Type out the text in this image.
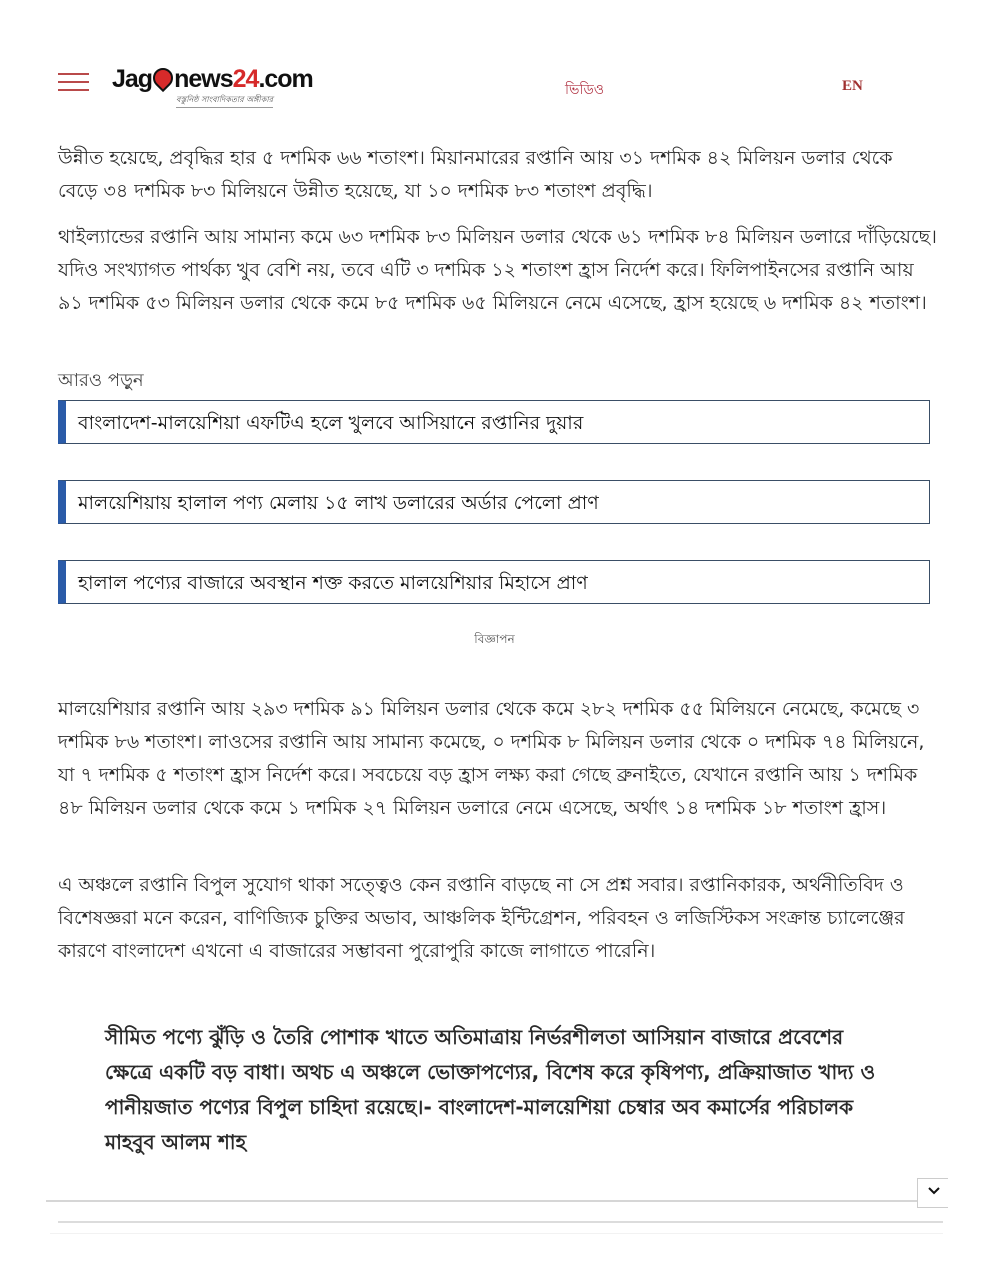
Jag news24.com
বস্তুনিষ্ঠ সাংবাদিকতার অঙ্গীকার
ভিডিও	EN

উন্নীত হয়েছে, প্রবৃদ্ধির হার ৫ দশমিক ৬৬ শতাংশ। মিয়ানমারের রপ্তানি আয় ৩১ দশমিক ৪২ মিলিয়ন ডলার থেকে বেড়ে ৩৪ দশমিক ৮৩ মিলিয়নে উন্নীত হয়েছে, যা ১০ দশমিক ৮৩ শতাংশ প্রবৃদ্ধি।

থাইল্যান্ডের রপ্তানি আয় সামান্য কমে ৬৩ দশমিক ৮৩ মিলিয়ন ডলার থেকে ৬১ দশমিক ৮৪ মিলিয়ন ডলারে দাঁড়িয়েছে। যদিও সংখ্যাগত পার্থক্য খুব বেশি নয়, তবে এটি ৩ দশমিক ১২ শতাংশ হ্রাস নির্দেশ করে। ফিলিপাইনসের রপ্তানি আয় ৯১ দশমিক ৫৩ মিলিয়ন ডলার থেকে কমে ৮৫ দশমিক ৬৫ মিলিয়নে নেমে এসেছে, হ্রাস হয়েছে ৬ দশমিক ৪২ শতাংশ।

আরও পড়ুন
বাংলাদেশ-মালয়েশিয়া এফটিএ হলে খুলবে আসিয়ানে রপ্তানির দুয়ার
মালয়েশিয়ায় হালাল পণ্য মেলায় ১৫ লাখ ডলারের অর্ডার পেলো প্রাণ
হালাল পণ্যের বাজারে অবস্থান শক্ত করতে মালয়েশিয়ার মিহাসে প্রাণ
বিজ্ঞাপন

মালয়েশিয়ার রপ্তানি আয় ২৯৩ দশমিক ৯১ মিলিয়ন ডলার থেকে কমে ২৮২ দশমিক ৫৫ মিলিয়নে নেমেছে, কমেছে ৩ দশমিক ৮৬ শতাংশ। লাওসের রপ্তানি আয় সামান্য কমেছে, ০ দশমিক ৮ মিলিয়ন ডলার থেকে ০ দশমিক ৭৪ মিলিয়নে, যা ৭ দশমিক ৫ শতাংশ হ্রাস নির্দেশ করে। সবচেয়ে বড় হ্রাস লক্ষ্য করা গেছে ব্রুনাইতে, যেখানে রপ্তানি আয় ১ দশমিক ৪৮ মিলিয়ন ডলার থেকে কমে ১ দশমিক ২৭ মিলিয়ন ডলারে নেমে এসেছে, অর্থাৎ ১৪ দশমিক ১৮ শতাংশ হ্রাস।

এ অঞ্চলে রপ্তানি বিপুল সুযোগ থাকা সত্ত্বেও কেন রপ্তানি বাড়ছে না সে প্রশ্ন সবার। রপ্তানিকারক, অর্থনীতিবিদ ও বিশেষজ্ঞরা মনে করেন, বাণিজ্যিক চুক্তির অভাব, আঞ্চলিক ইন্টিগ্রেশন, পরিবহন ও লজিস্টিকস সংক্রান্ত চ্যালেঞ্জের কারণে বাংলাদেশ এখনো এ বাজারের সম্ভাবনা পুরোপুরি কাজে লাগাতে পারেনি।

সীমিত পণ্যে ঝুঁড়ি ও তৈরি পোশাক খাতে অতিমাত্রায় নির্ভরশীলতা আসিয়ান বাজারে প্রবেশের ক্ষেত্রে একটি বড় বাধা। অথচ এ অঞ্চলে ভোক্তাপণ্যের, বিশেষ করে কৃষিপণ্য, প্রক্রিয়াজাত খাদ্য ও পানীয়জাত পণ্যের বিপুল চাহিদা রয়েছে।- বাংলাদেশ-মালয়েশিয়া চেম্বার অব কমার্সের পরিচালক মাহবুব আলম শাহ
